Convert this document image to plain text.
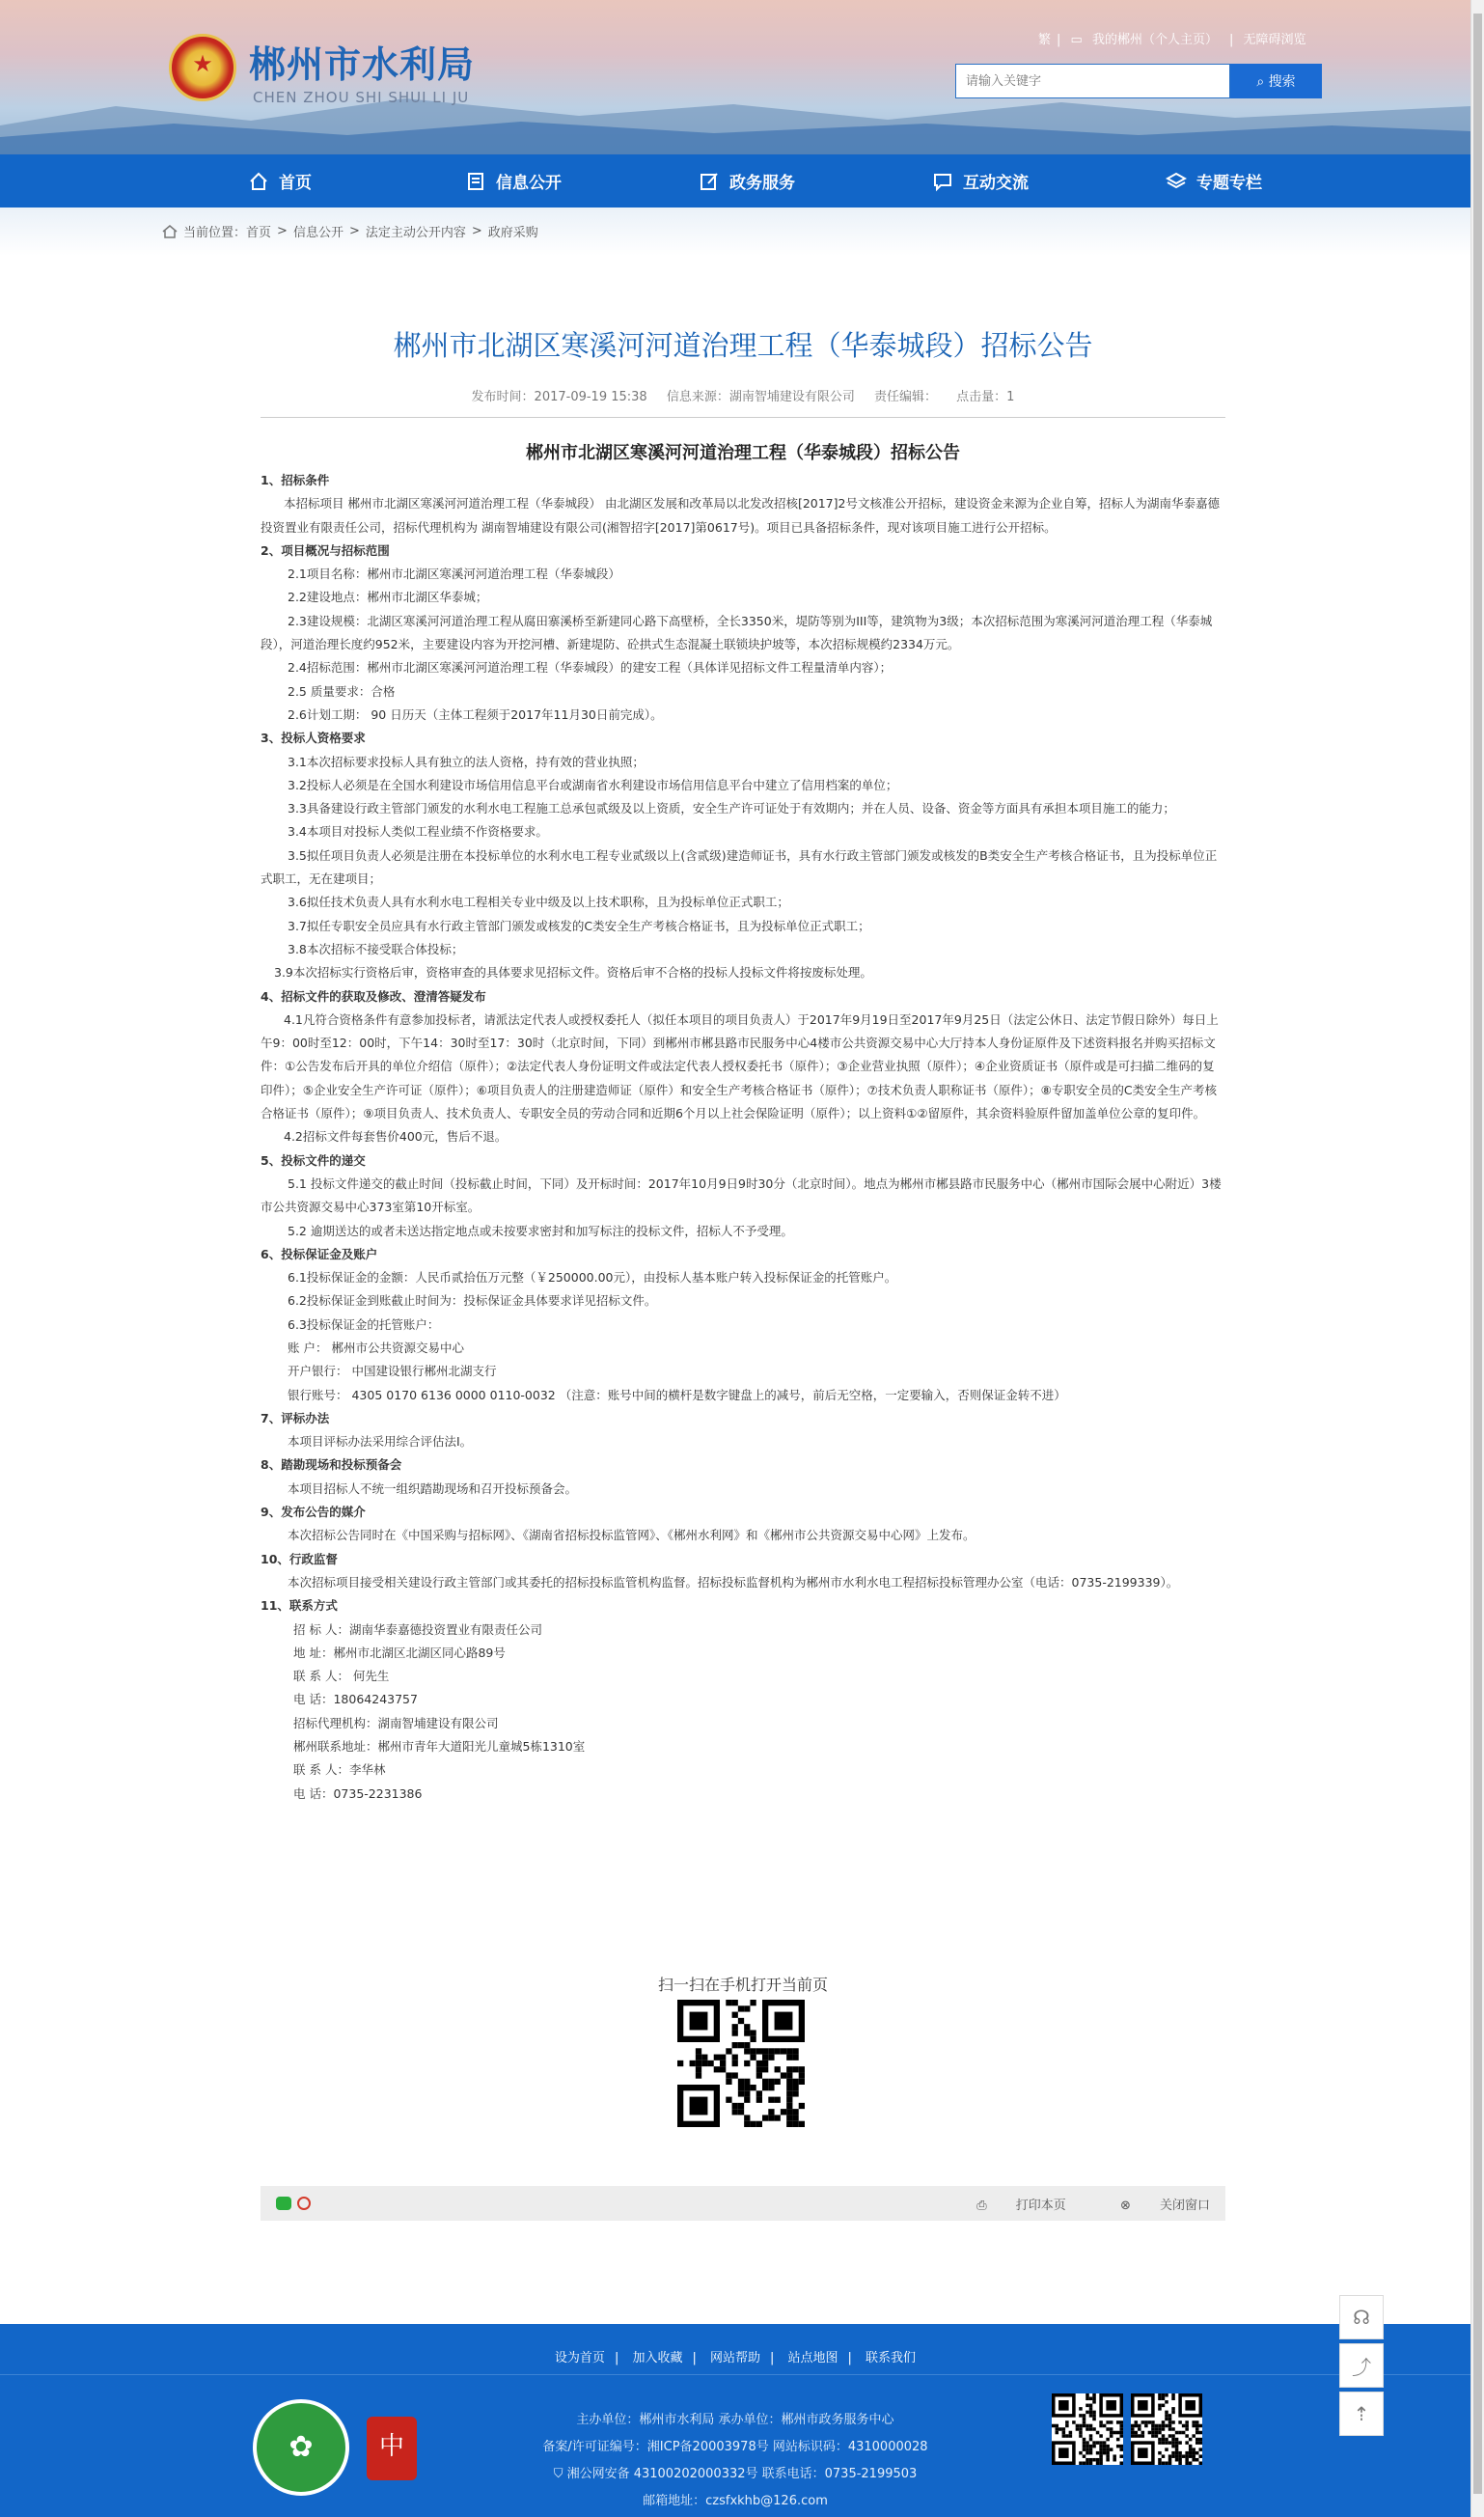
★ 郴州市水利局
CHEN ZHOU SHI SHUI LI JU
繁 | ▭ 我的郴州（个人主页） | 无障碍浏览
请输入关键字
⌕ 搜索
首页	信息公开	政务服务	互动交流	专题专栏
当前位置： 首页 > 信息公开 > 法定主动公开内容 > 政府采购
郴州市北湖区寒溪河河道治理工程（华泰城段）招标公告
发布时间：2017-09-19 15:38 信息来源：湖南智埔建设有限公司 责任编辑： 点击量：1
郴州市北湖区寒溪河河道治理工程（华泰城段）招标公告

1、招标条件

本招标项目 郴州市北湖区寒溪河河道治理工程（华泰城段） 由北湖区发展和改革局以北发改招核[2017]2号文核准公开招标，建设资金来源为企业自筹，招标人为湖南华泰嘉德投资置业有限责任公司，招标代理机构为 湖南智埔建设有限公司(湘智招字[2017]第0617号)。项目已具备招标条件，现对该项目施工进行公开招标。

2、项目概况与招标范围

2.1项目名称：郴州市北湖区寒溪河河道治理工程（华泰城段）

2.2建设地点：郴州市北湖区华泰城；

2.3建设规模：北湖区寒溪河河道治理工程从腐田寨溪桥至新建同心路下高壁桥，全长3350米，堤防等别为III等，建筑物为3级；本次招标范围为寒溪河河道治理工程（华泰城段），河道治理长度约952米，主要建设内容为开挖河槽、新建堤防、砼拱式生态混凝土联锁块护坡等，本次招标规模约2334万元。

2.4招标范围：郴州市北湖区寒溪河河道治理工程（华泰城段）的建安工程（具体详见招标文件工程量清单内容）；

2.5 质量要求：合格

2.6计划工期： 90 日历天（主体工程须于2017年11月30日前完成）。

3、投标人资格要求

3.1本次招标要求投标人具有独立的法人资格，持有效的营业执照；

3.2投标人必须是在全国水利建设市场信用信息平台或湖南省水利建设市场信用信息平台中建立了信用档案的单位；

3.3具备建设行政主管部门颁发的水利水电工程施工总承包贰级及以上资质，安全生产许可证处于有效期内；并在人员、设备、资金等方面具有承担本项目施工的能力；

3.4本项目对投标人类似工程业绩不作资格要求。

3.5拟任项目负责人必须是注册在本投标单位的水利水电工程专业贰级以上(含贰级)建造师证书，具有水行政主管部门颁发或核发的B类安全生产考核合格证书，且为投标单位正式职工，无在建项目；

3.6拟任技术负责人具有水利水电工程相关专业中级及以上技术职称，且为投标单位正式职工；

3.7拟任专职安全员应具有水行政主管部门颁发或核发的C类安全生产考核合格证书，且为投标单位正式职工；

3.8本次招标不接受联合体投标；

3.9本次招标实行资格后审，资格审查的具体要求见招标文件。资格后审不合格的投标人投标文件将按废标处理。

4、招标文件的获取及修改、澄清答疑发布

4.1凡符合资格条件有意参加投标者，请派法定代表人或授权委托人（拟任本项目的项目负责人）于2017年9月19日至2017年9月25日（法定公休日、法定节假日除外）每日上午9：00时至12：00时，下午14：30时至17：30时（北京时间，下同）到郴州市郴县路市民服务中心4楼市公共资源交易中心大厅持本人身份证原件及下述资料报名并购买招标文件：①公告发布后开具的单位介绍信（原件）；②法定代表人身份证明文件或法定代表人授权委托书（原件）；③企业营业执照（原件）；④企业资质证书（原件或是可扫描二维码的复印件）；⑤企业安全生产许可证（原件）；⑥项目负责人的注册建造师证（原件）和安全生产考核合格证书（原件）；⑦技术负责人职称证书（原件）；⑧专职安全员的C类安全生产考核合格证书（原件）；⑨项目负责人、技术负责人、专职安全员的劳动合同和近期6个月以上社会保险证明（原件）；以上资料①②留原件，其余资料验原件留加盖单位公章的复印件。

4.2招标文件每套售价400元，售后不退。

5、投标文件的递交

5.1 投标文件递交的截止时间（投标截止时间，下同）及开标时间：2017年10月9日9时30分（北京时间）。地点为郴州市郴县路市民服务中心（郴州市国际会展中心附近）3楼市公共资源交易中心373室第10开标室。

5.2 逾期送达的或者未送达指定地点或未按要求密封和加写标注的投标文件，招标人不予受理。

6、投标保证金及账户

6.1投标保证金的金额：人民币贰拾伍万元整（￥250000.00元），由投标人基本账户转入投标保证金的托管账户。

6.2投标保证金到账截止时间为：投标保证金具体要求详见招标文件。

6.3投标保证金的托管账户：

账 户： 郴州市公共资源交易中心

开户银行： 中国建设银行郴州北湖支行

银行账号： 4305 0170 6136 0000 0110-0032 （注意：账号中间的横杆是数字键盘上的减号，前后无空格，一定要输入，否则保证金转不进）

7、评标办法

本项目评标办法采用综合评估法Ⅰ。

8、踏勘现场和投标预备会

本项目招标人不统一组织踏勘现场和召开投标预备会。

9、发布公告的媒介

本次招标公告同时在《中国采购与招标网》、《湖南省招标投标监管网》、《郴州水利网》和《郴州市公共资源交易中心网》上发布。

10、行政监督

本次招标项目接受相关建设行政主管部门或其委托的招标投标监管机构监督。招标投标监督机构为郴州市水利水电工程招标投标管理办公室（电话：0735-2199339）。

11、联系方式

招 标 人：湖南华泰嘉德投资置业有限责任公司

地 址：郴州市北湖区北湖区同心路89号

联 系 人： 何先生

电 话：18064243757

招标代理机构：湖南智埔建设有限公司

郴州联系地址：郴州市青年大道阳光儿童城5栋1310室

联 系 人：李华林

电 话：0735-2231386

扫一扫在手机打开当前页
⎙ 打印本页	⊗ 关闭窗口
设为首页 | 加入收藏 | 网站帮助 | 站点地图 | 联系我们
✿	中
主办单位：郴州市水利局 承办单位：郴州市政务服务中心
备案/许可证编号：湘ICP备20003978号 网站标识码：4310000028
⛉ 湘公网安备 43100202000332号 联系电话：0735-2199503
邮箱地址：czsfxkhb@126.com
☊
⤴
⇡
